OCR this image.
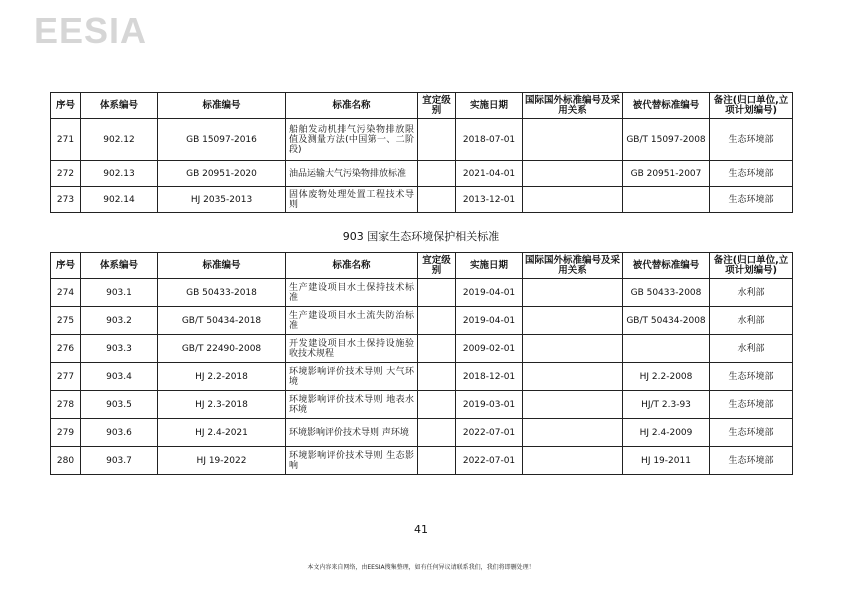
EESIA
序号	体系编号	标准编号	标准名称	宜定级别	实施日期	国际国外标准编号及采用关系	被代替标准编号	备注(归口单位,立项计划编号)
271	902.12	GB 15097-2016	船舶发动机排气污染物排放限值及测量方法(中国第一、二阶段)		2018-07-01		GB/T 15097-2008	生态环境部
272	902.13	GB 20951-2020	油品运输大气污染物排放标准		2021-04-01		GB 20951-2007	生态环境部
273	902.14	HJ 2035-2013	固体废物处理处置工程技术导则		2013-12-01			生态环境部
903 国家生态环境保护相关标准
序号	体系编号	标准编号	标准名称	宜定级别	实施日期	国际国外标准编号及采用关系	被代替标准编号	备注(归口单位,立项计划编号)
274	903.1	GB 50433-2018	生产建设项目水土保持技术标准		2019-04-01		GB 50433-2008	水利部
275	903.2	GB/T 50434-2018	生产建设项目水土流失防治标准		2019-04-01		GB/T 50434-2008	水利部
276	903.3	GB/T 22490-2008	开发建设项目水土保持设施验收技术规程		2009-02-01			水利部
277	903.4	HJ 2.2-2018	环境影响评价技术导则 大气环境		2018-12-01		HJ 2.2-2008	生态环境部
278	903.5	HJ 2.3-2018	环境影响评价技术导则 地表水环境		2019-03-01		HJ/T 2.3-93	生态环境部
279	903.6	HJ 2.4-2021	环境影响评价技术导则 声环境		2022-07-01		HJ 2.4-2009	生态环境部
280	903.7	HJ 19-2022	环境影响评价技术导则 生态影响		2022-07-01		HJ 19-2011	生态环境部
41
本文内容来自网络，由EESIA搜集整理，如有任何异议请联系我们，我们将即删处理！
